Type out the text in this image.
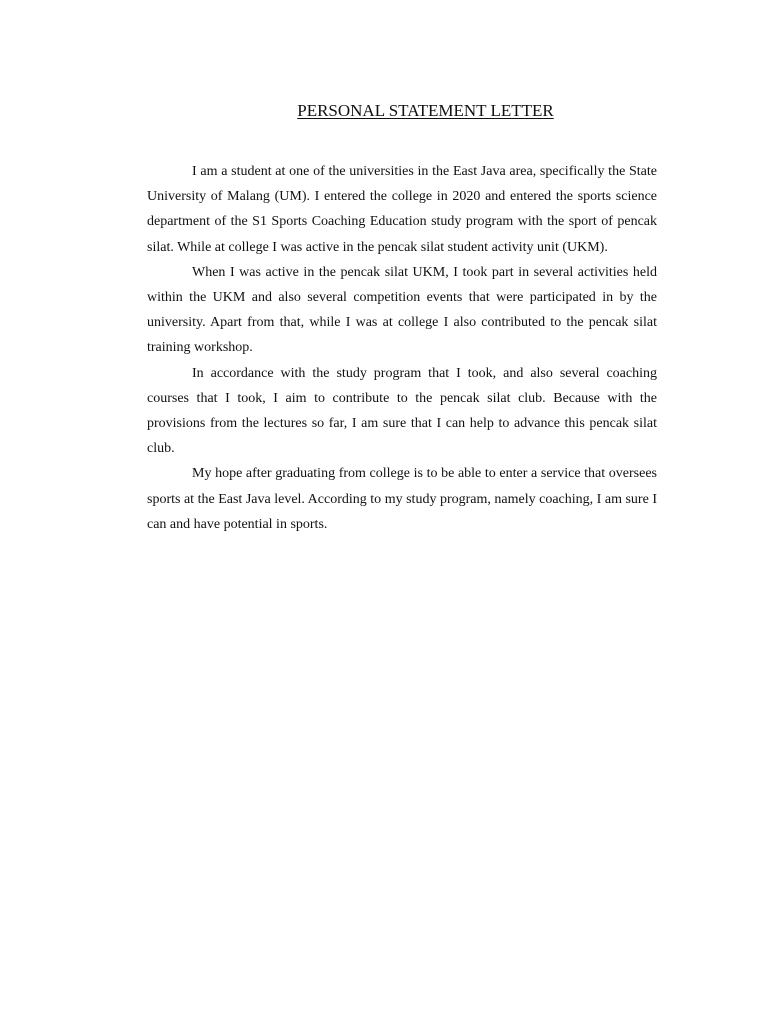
PERSONAL STATEMENT LETTER

I am a student at one of the universities in the East Java area, specifically the State University of Malang (UM). I entered the college in 2020 and entered the sports science department of the S1 Sports Coaching Education study program with the sport of pencak silat. While at college I was active in the pencak silat student activity unit (UKM).

When I was active in the pencak silat UKM, I took part in several activities held within the UKM and also several competition events that were participated in by the university. Apart from that, while I was at college I also contributed to the pencak silat training workshop.

In accordance with the study program that I took, and also several coaching courses that I took, I aim to contribute to the pencak silat club. Because with the provisions from the lectures so far, I am sure that I can help to advance this pencak silat club.

My hope after graduating from college is to be able to enter a service that oversees sports at the East Java level. According to my study program, namely coaching, I am sure I can and have potential in sports.
